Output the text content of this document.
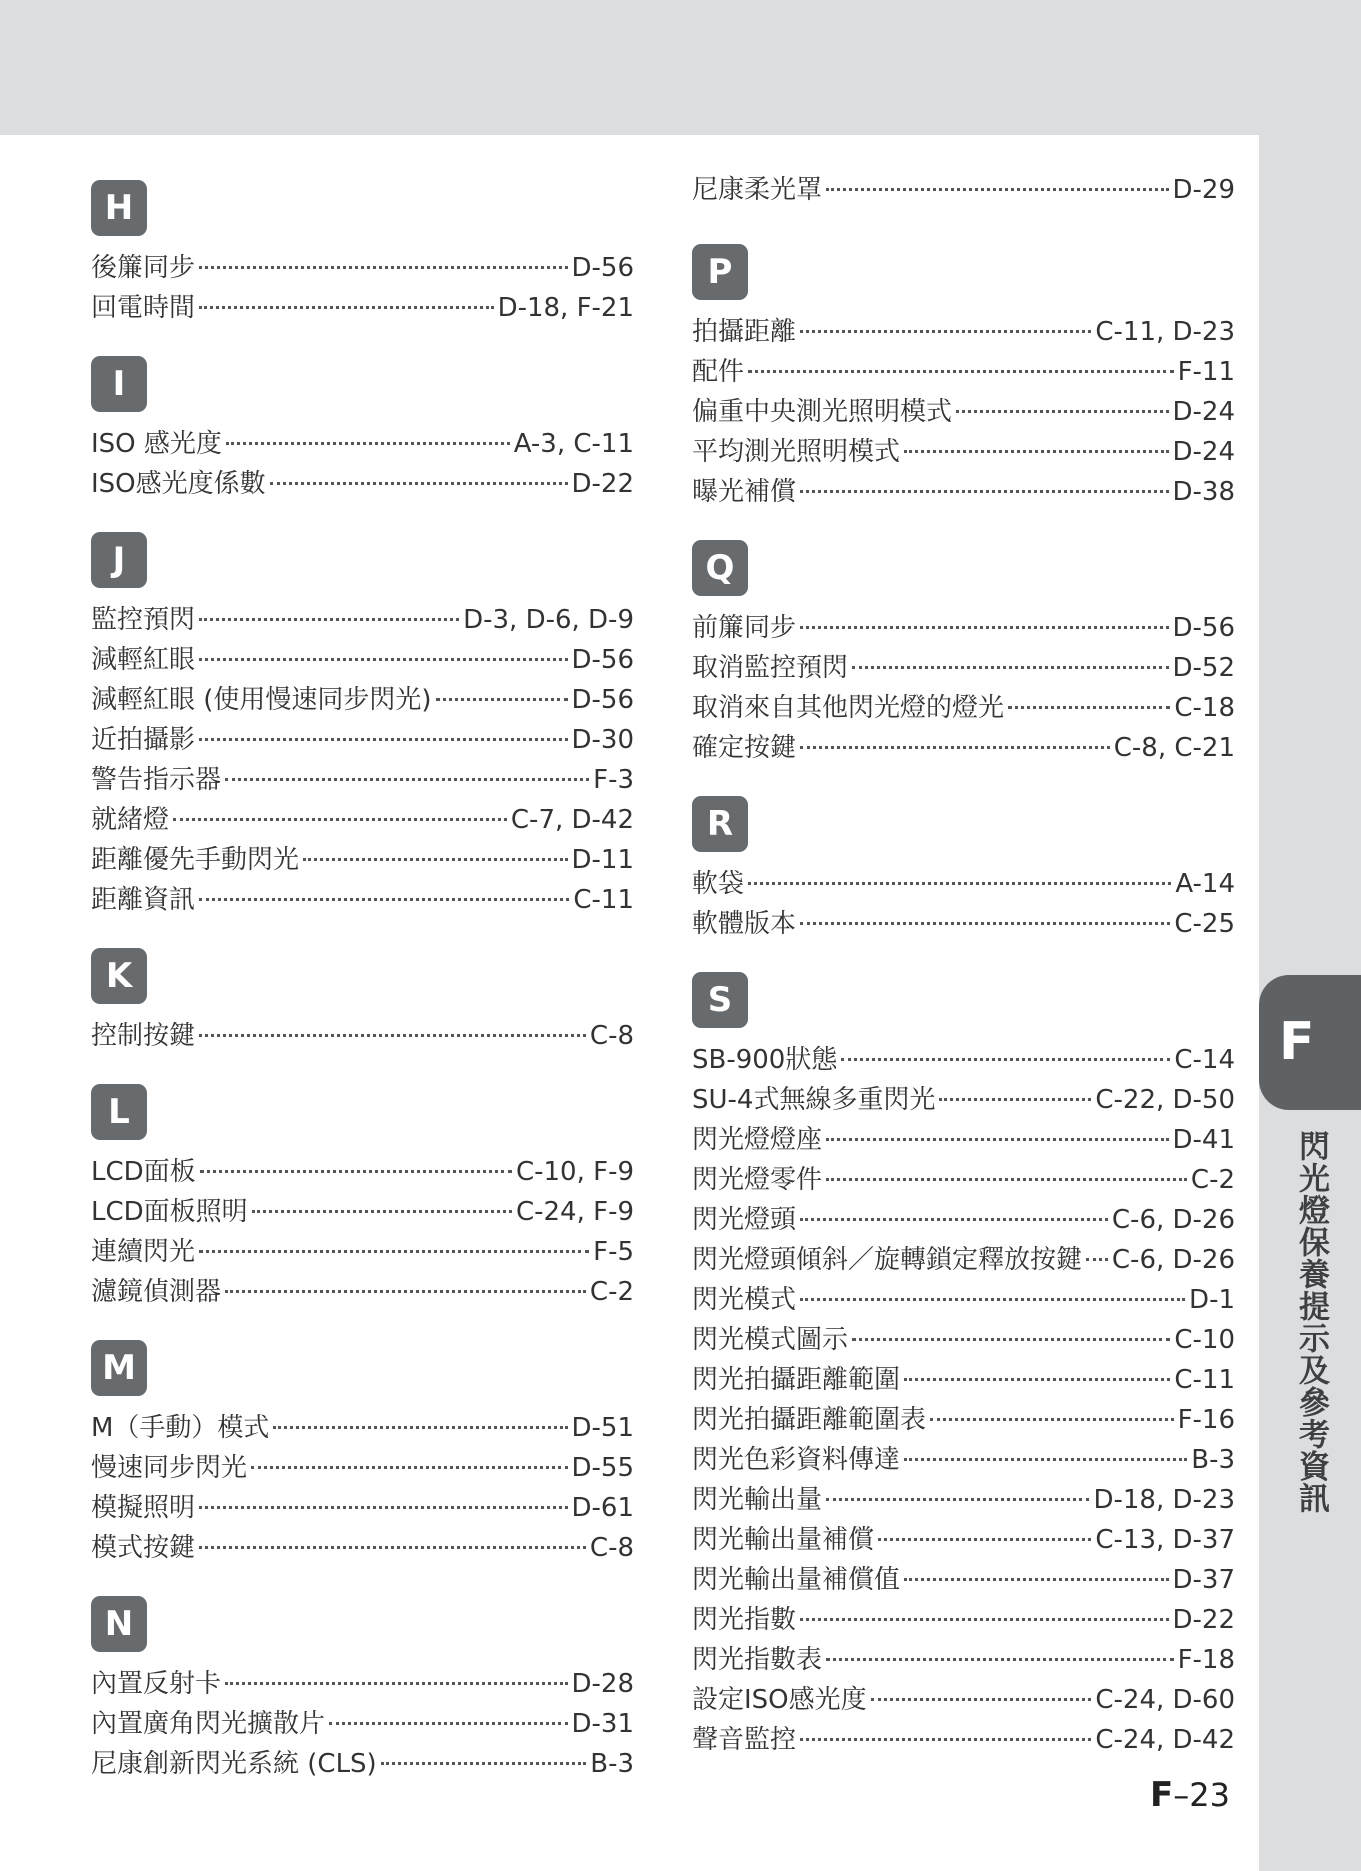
F
閃光燈保養提示及參考資訊
H
後簾同步	D-56
回電時間	D-18, F-21
I
ISO 感光度	A-3, C-11
ISO感光度係數	D-22
J
監控預閃	D-3, D-6, D-9
減輕紅眼	D-56
減輕紅眼 (使用慢速同步閃光)	D-56
近拍攝影	D-30
警告指示器	F-3
就緒燈	C-7, D-42
距離優先手動閃光	D-11
距離資訊	C-11
K
控制按鍵	C-8
L
LCD面板	C-10, F-9
LCD面板照明	C-24, F-9
連續閃光	F-5
濾鏡偵測器	C-2
M
M（手動）模式	D-51
慢速同步閃光	D-55
模擬照明	D-61
模式按鍵	C-8
N
內置反射卡	D-28
內置廣角閃光擴散片	D-31
尼康創新閃光系統 (CLS)	B-3
尼康柔光罩	D-29
P
拍攝距離	C-11, D-23
配件	F-11
偏重中央測光照明模式	D-24
平均測光照明模式	D-24
曝光補償	D-38
Q
前簾同步	D-56
取消監控預閃	D-52
取消來自其他閃光燈的燈光	C-18
確定按鍵	C-8, C-21
R
軟袋	A-14
軟體版本	C-25
S
SB-900狀態	C-14
SU-4式無線多重閃光	C-22, D-50
閃光燈燈座	D-41
閃光燈零件	C-2
閃光燈頭	C-6, D-26
閃光燈頭傾斜／旋轉鎖定釋放按鍵 C-6, D-26
閃光模式	D-1
閃光模式圖示	C-10
閃光拍攝距離範圍	C-11
閃光拍攝距離範圍表	F-16
閃光色彩資料傳達	B-3
閃光輸出量	D-18, D-23
閃光輸出量補償	C-13, D-37
閃光輸出量補償值	D-37
閃光指數	D-22
閃光指數表	F-18
設定ISO感光度	C-24, D-60
聲音監控	C-24, D-42
F–23
